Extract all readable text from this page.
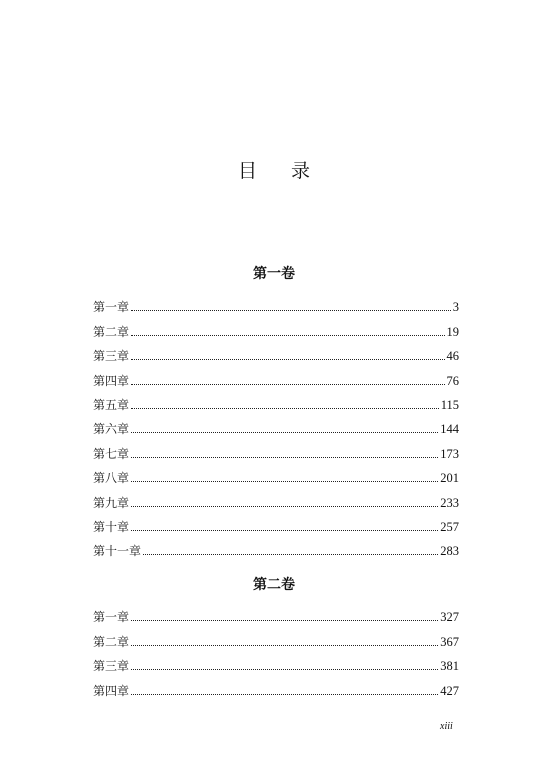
目 录
第一卷
第一章	3
第二章	19
第三章	46
第四章	76
第五章	115
第六章	144
第七章	173
第八章	201
第九章	233
第十章	257
第十一章	283
第二卷
第一章	327
第二章	367
第三章	381
第四章	427
xiii
